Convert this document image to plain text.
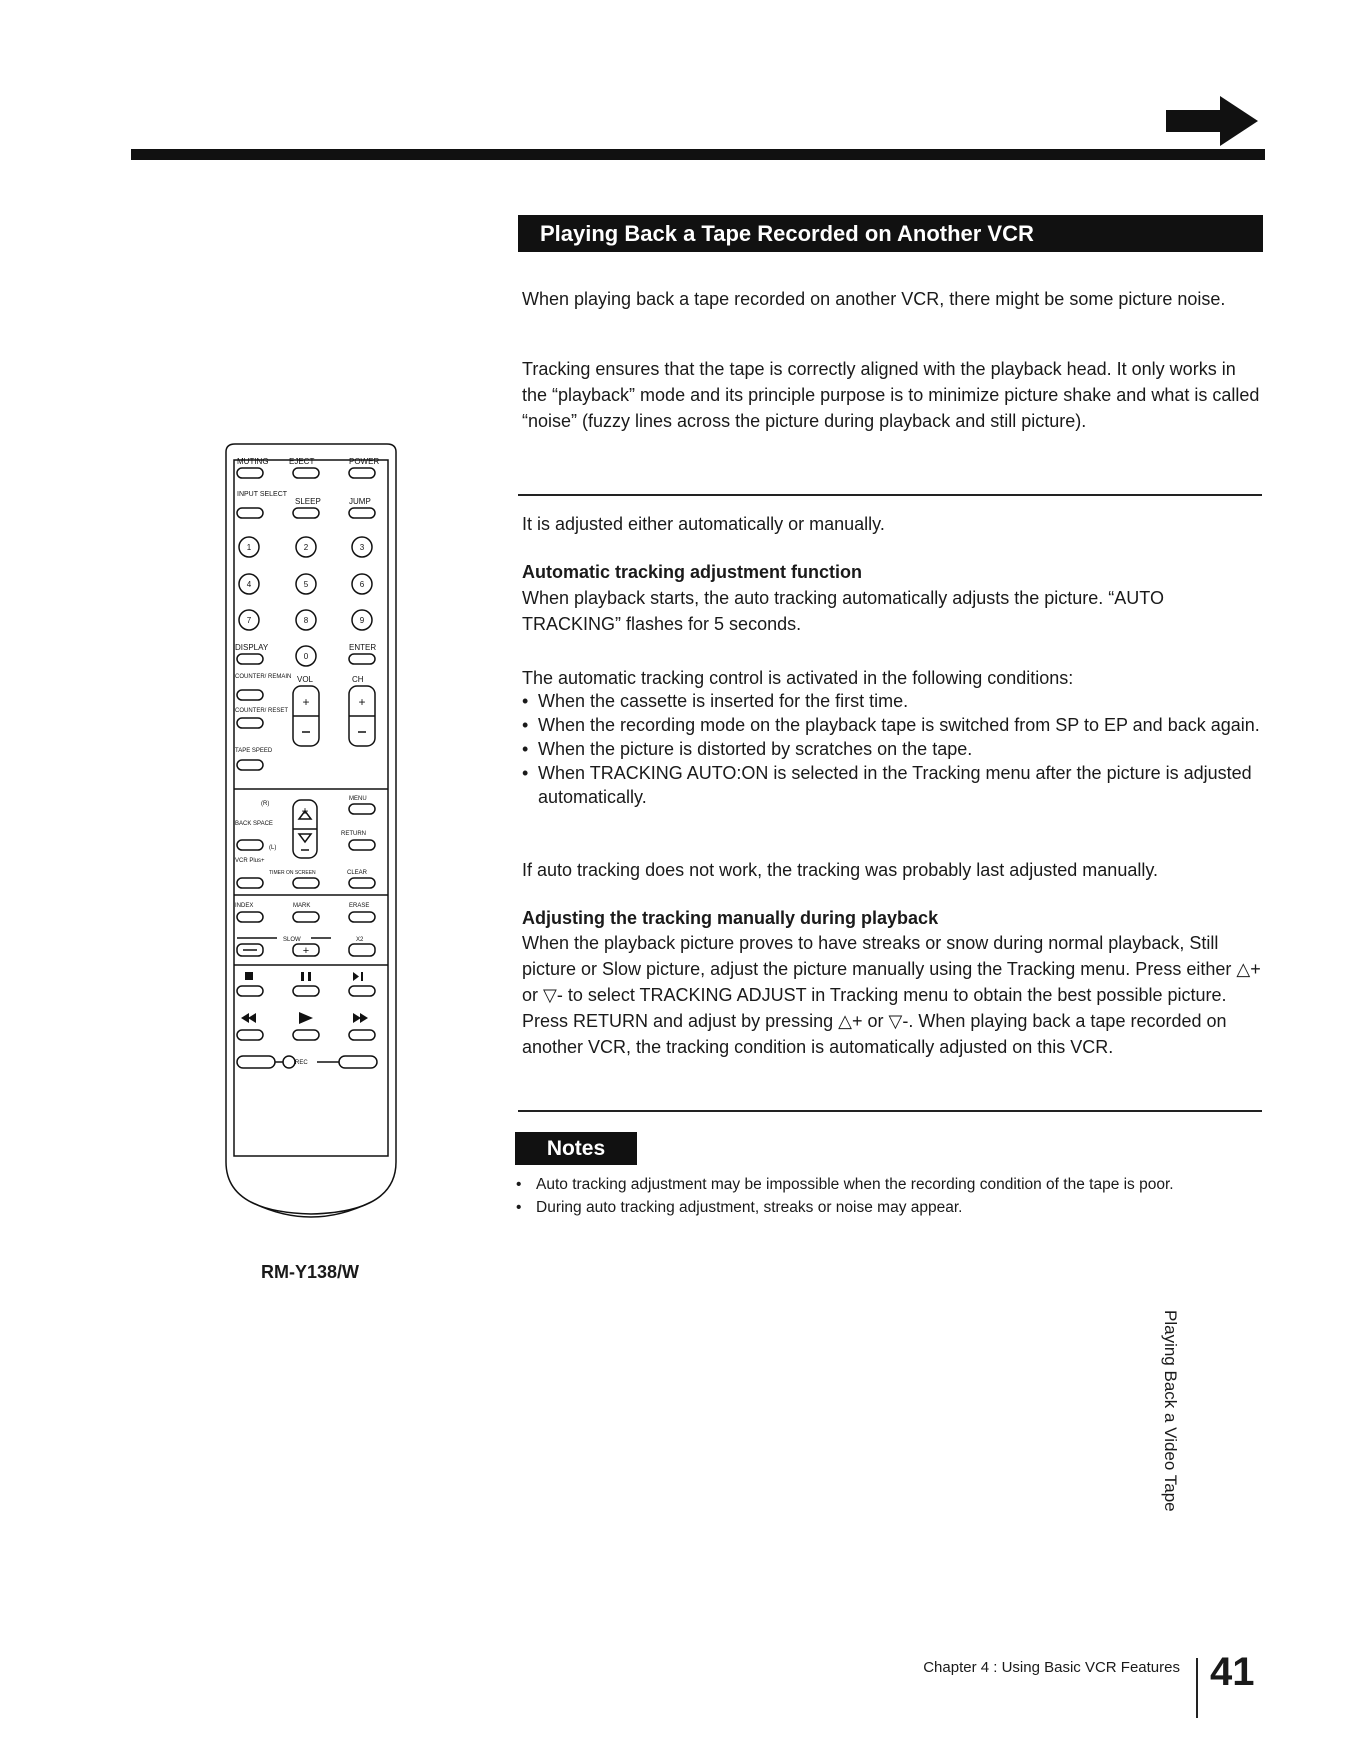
Playing Back a Tape Recorded on Another VCR
When playing back a tape recorded on another VCR, there might be some picture noise.
Tracking ensures that the tape is correctly aligned with the playback head. It only works in the “playback” mode and its principle purpose is to minimize picture shake and what is called “noise” (fuzzy lines across the picture during playback and still picture).
It is adjusted either automatically or manually.
Automatic tracking adjustment function
When playback starts, the auto tracking automatically adjusts the picture. “AUTO TRACKING” flashes for 5 seconds.
The automatic tracking control is activated in the following conditions:
• When the cassette is inserted for the first time.
• When the recording mode on the playback tape is switched from SP to EP and back again.
• When the picture is distorted by scratches on the tape.
• When TRACKING AUTO:ON is selected in the Tracking menu after the picture is adjusted automatically.
If auto tracking does not work, the tracking was probably last adjusted manually.
Adjusting the tracking manually during playback
When the playback picture proves to have streaks or snow during normal playback, Still picture or Slow picture, adjust the picture manually using the Tracking menu. Press either △+ or ▽- to select TRACKING ADJUST in Tracking menu to obtain the best possible picture. Press RETURN and adjust by pressing △+ or ▽-. When playing back a tape recorded on another VCR, the tracking condition is automatically adjusted on this VCR.
Notes
• Auto tracking adjustment may be impossible when the recording condition of the tape is poor.
• During auto tracking adjustment, streaks or noise may appear.
Playing Back a Video Tape
MUTING	EJECT	POWER
INPUT SELECT
SLEEP	JUMP
DISPLAY	ENTER
COUNTER/ REMAIN VOL	CH
COUNTER/ RESET
TAPE SPEED
MENU
(R)
BACK SPACE
RETURN
(L)
VCR Plus+
TIMER ON SCREEN	CLEAR
INDEX	MARK	ERASE
SLOW	X2
REC
1	2	3
4	5	6
7	8	9
0
+	+
+
+
RM-Y138/W
Chapter 4 : Using Basic VCR Features 41
